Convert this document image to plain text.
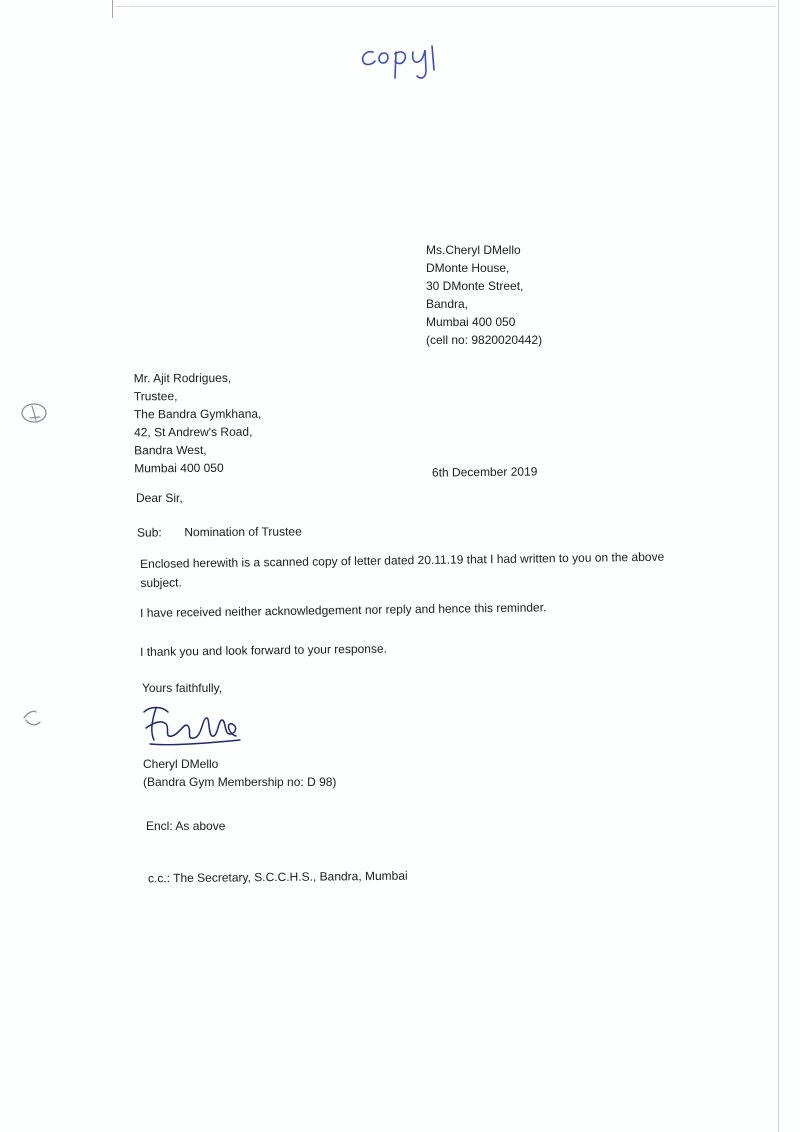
Ms.Cheryl DMello
DMonte House,
30 DMonte Street,
Bandra,
Mumbai 400 050
(cell no: 9820020442)
Mr. Ajit Rodrigues,
Trustee,
The Bandra Gymkhana,
42, St Andrew's Road,
Bandra West,
Mumbai 400 050	6th December 2019
Dear Sir,
Sub: Nomination of Trustee
Enclosed herewith is a scanned copy of letter dated 20.11.19 that I had written to you on the above subject.
I have received neither acknowledgement nor reply and hence this reminder.
I thank you and look forward to your response.
Yours faithfully,
Cheryl DMello
(Bandra Gym Membership no: D 98)
Encl: As above
c.c.: The Secretary, S.C.C.H.S., Bandra, Mumbai
